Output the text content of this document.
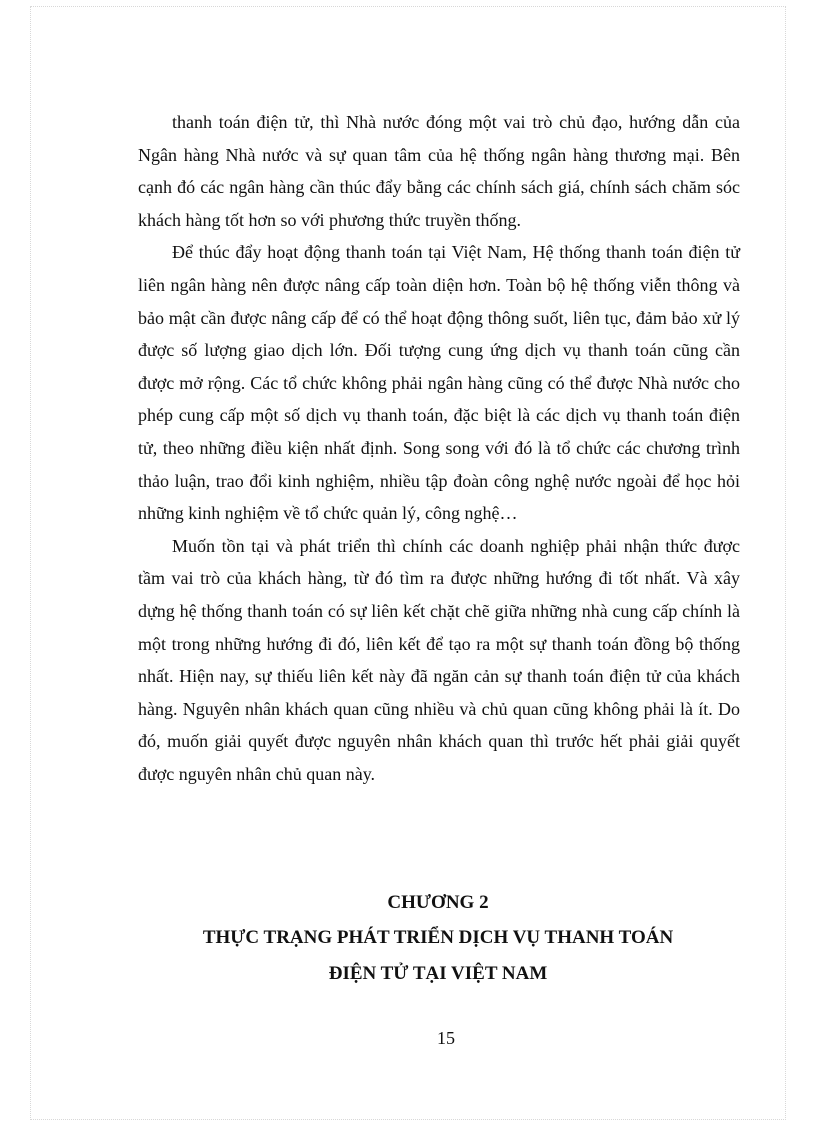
thanh toán điện tử, thì Nhà nước đóng một vai trò chủ đạo, hướng dẫn của Ngân hàng Nhà nước và sự quan tâm của hệ thống ngân hàng thương mại. Bên cạnh đó các ngân hàng cần thúc đẩy bằng các chính sách giá, chính sách chăm sóc khách hàng tốt hơn so với phương thức truyền thống.

Để thúc đẩy hoạt động thanh toán tại Việt Nam, Hệ thống thanh toán điện tử liên ngân hàng nên được nâng cấp toàn diện hơn. Toàn bộ hệ thống viễn thông và bảo mật cần được nâng cấp để có thể hoạt động thông suốt, liên tục, đảm bảo xử lý được số lượng giao dịch lớn. Đối tượng cung ứng dịch vụ thanh toán cũng cần được mở rộng. Các tổ chức không phải ngân hàng cũng có thể được Nhà nước cho phép cung cấp một số dịch vụ thanh toán, đặc biệt là các dịch vụ thanh toán điện tử, theo những điều kiện nhất định. Song song với đó là tổ chức các chương trình thảo luận, trao đổi kinh nghiệm, nhiều tập đoàn công nghệ nước ngoài để học hỏi những kinh nghiệm về tổ chức quản lý, công nghệ…

Muốn tồn tại và phát triển thì chính các doanh nghiệp phải nhận thức được tầm vai trò của khách hàng, từ đó tìm ra được những hướng đi tốt nhất. Và xây dựng hệ thống thanh toán có sự liên kết chặt chẽ giữa những nhà cung cấp chính là một trong những hướng đi đó, liên kết để tạo ra một sự thanh toán đồng bộ thống nhất. Hiện nay, sự thiếu liên kết này đã ngăn cản sự thanh toán điện tử của khách hàng. Nguyên nhân khách quan cũng nhiều và chủ quan cũng không phải là ít. Do đó, muốn giải quyết được nguyên nhân khách quan thì trước hết phải giải quyết được nguyên nhân chủ quan này.

CHƯƠNG 2

THỰC TRẠNG PHÁT TRIỂN DỊCH VỤ THANH TOÁN
ĐIỆN TỬ TẠI VIỆT NAM

15
